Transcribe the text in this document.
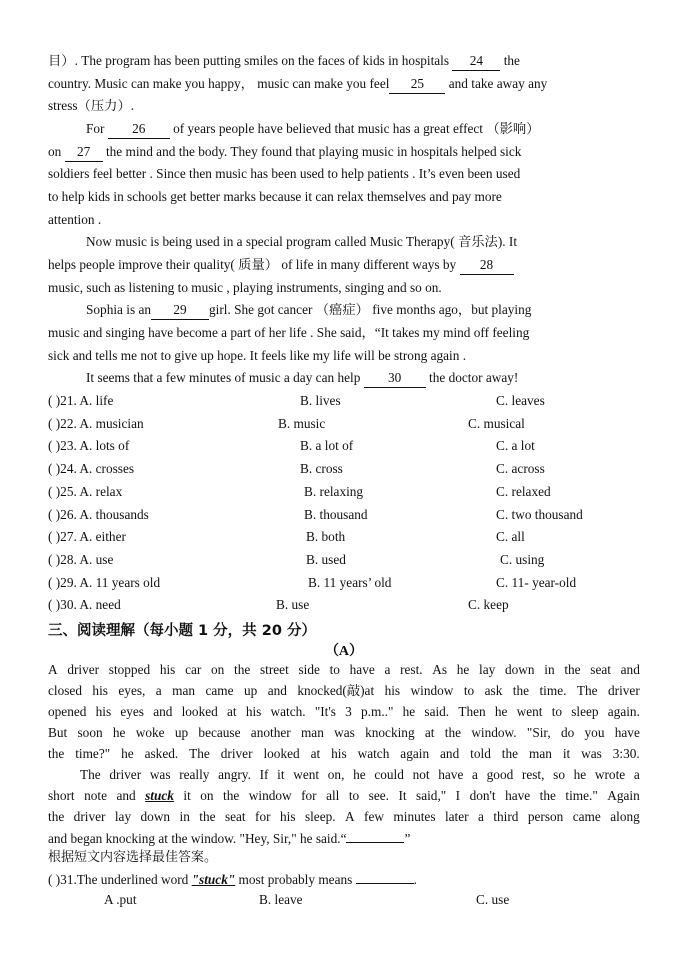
目）. The program has been putting smiles on the faces of kids in hospitals 24 the
country. Music can make you happy， music can make you feel 25 and take away any
stress（压力）.
For 26 of years people have believed that music has a great effect （影响）
on 27 the mind and the body. They found that playing music in hospitals helped sick
soldiers feel better . Since then music has been used to help patients . It’s even been used
to help kids in schools get better marks because it can relax themselves and pay more
attention .
Now music is being used in a special program called Music Therapy( 音乐法). It
helps people improve their quality( 质量） of life in many different ways by 28
music, such as listening to music , playing instruments, singing and so on.
Sophia is an 29 girl. She got cancer （癌症） five months ago，but playing
music and singing have become a part of her life . She said，“It takes my mind off feeling
sick and tells me not to give up hope. It feels like my life will be strong again .
It seems that a few minutes of music a day can help 30 the doctor away!
( )21. A. life	B. lives	C. leaves
( )22. A. musician	B. music	C. musical
( )23. A. lots of	B. a lot of	C. a lot
( )24. A. crosses	B. cross	C. across
( )25. A. relax	B. relaxing	C. relaxed
( )26. A. thousands	B. thousand	C. two thousand
( )27. A. either	B. both	C. all
( )28. A. use	B. used	C. using
( )29. A. 11 years old	B. 11 years’ old	C. 11- year-old
( )30. A. need	B. use	C. keep
三、阅读理解（每小题 1 分，共 20 分）
（A）
A driver stopped his car on the street side to have a rest. As he lay down in the seat and
closed his eyes, a man came up and knocked(敲)at his window to ask the time. The driver
opened his eyes and looked at his watch. "It's 3 p.m.." he said. Then he went to sleep again.
But soon he woke up because another man was knocking at the window. "Sir, do you have
the time?" he asked. The driver looked at his watch again and told the man it was 3:30.
The driver was really angry. If it went on, he could not have a good rest, so he wrote a
short note and stuck it on the window for all to see. It said," I don't have the time." Again
the driver lay down in the seat for his sleep. A few minutes later a third person came along
and began knocking at the window. "Hey, Sir," he said.“	”
根据短文内容选择最佳答案。
( )31.The underlined word "stuck" most probably means	.
A .put	B. leave	C. use
